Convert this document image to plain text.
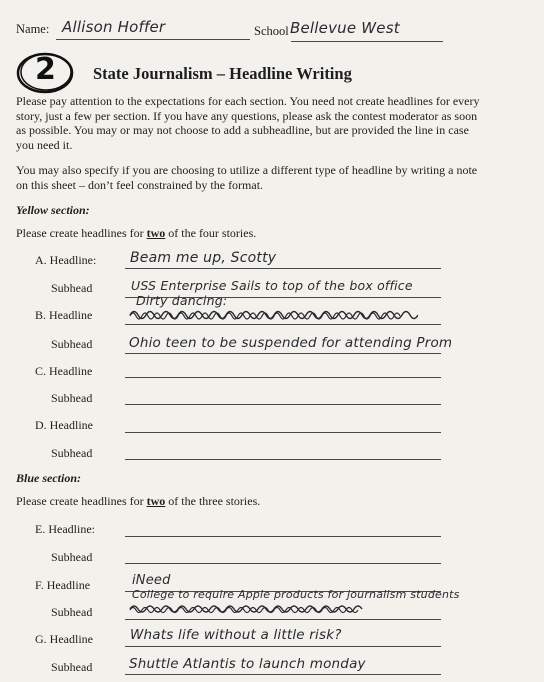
Name: Allison Hoffer	School Bellevue West
2 State Journalism – Headline Writing
Please pay attention to the expectations for each section. You need not create headlines for every story, just a few per section. If you have any questions, please ask the contest moderator as soon as possible. You may or may not choose to add a subheadline, but are provided the line in case you need it.
You may also specify if you are choosing to utilize a different type of headline by writing a note on this sheet – don’t feel constrained by the format.
Yellow section:
Please create headlines for two of the four stories.
A. Headline: Beam me up, Scotty
Subhead	USS Enterprise Sails to top of the box office
B. Headline
Dirty dancing:
Subhead	Ohio teen to be suspended for attending Prom
C. Headline
Subhead
D. Headline
Subhead
Blue section:
Please create headlines for two of the three stories.
E. Headline:
Subhead
F. Headline	iNeed
Subhead
College to require Apple products for journalism students
G. Headline	Whats life without a little risk?
Subhead	Shuttle Atlantis to launch monday
